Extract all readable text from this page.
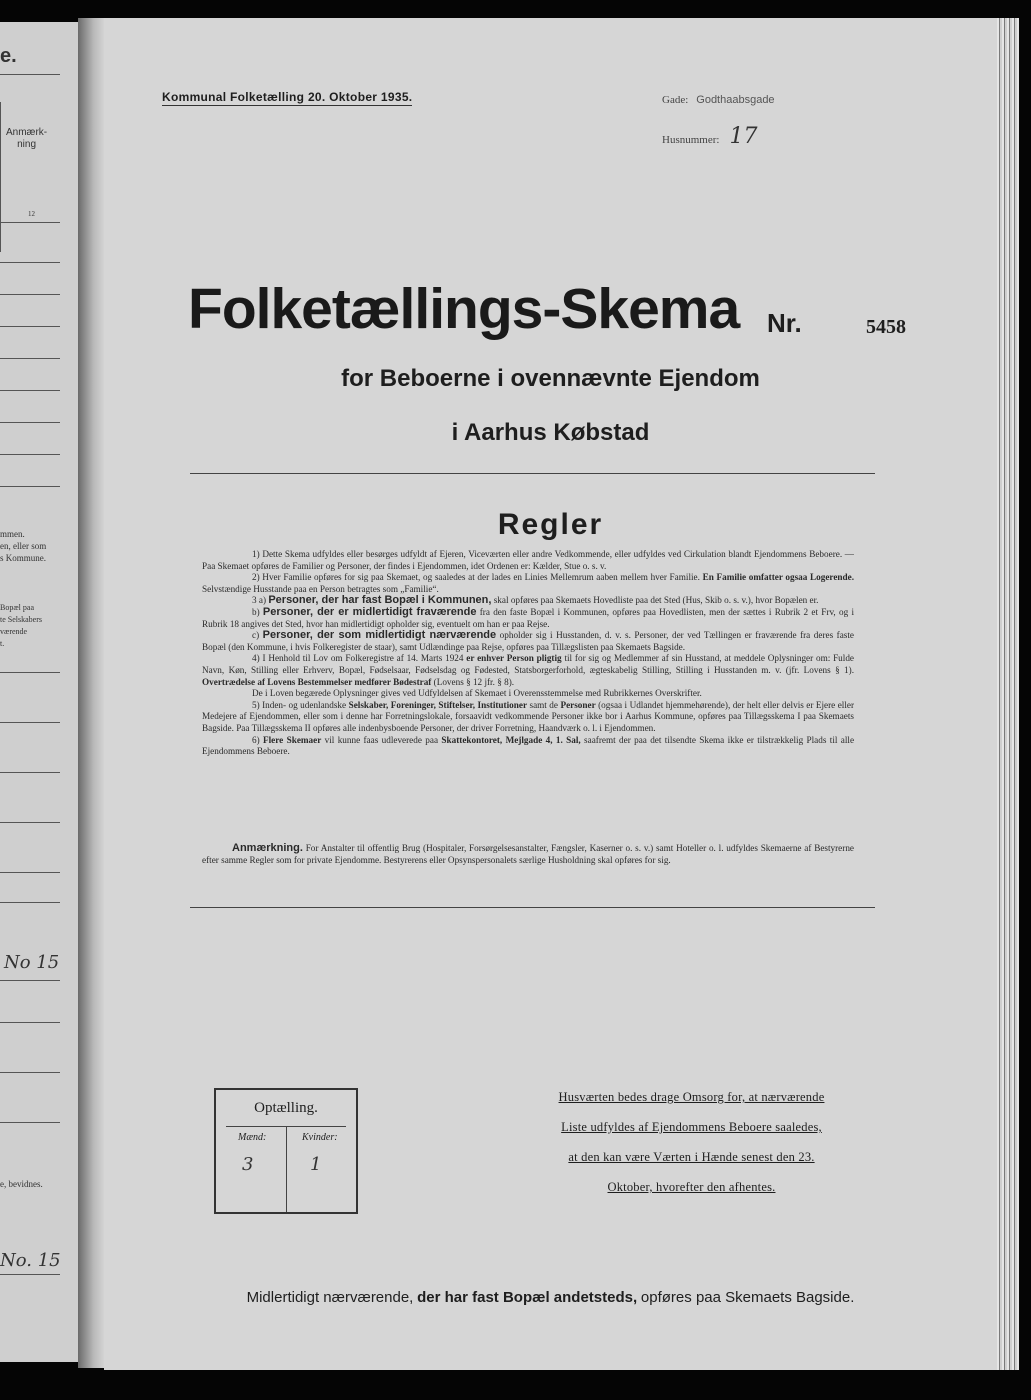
e.
Anmærk-
ning
12
mmen.
en, eller som
s Kommune.
Bopæl paa
te Selskabers
værende
t.
No 15
e, bevidnes.
No. 15
Kommunal Folketælling 20. Oktober 1935.	Gade: Godthaabsgade
Husnummer: 17
Folketællings-Skema Nr.	5458
for Beboerne i ovennævnte Ejendom
i Aarhus Købstad
Regler

1) Dette Skema udfyldes eller besørges udfyldt af Ejeren, Viceværten eller andre Vedkommende, eller udfyldes ved Cirkulation blandt Ejendommens Beboere. — Paa Skemaet opføres de Familier og Personer, der findes i Ejendommen, idet Ordenen er: Kælder, Stue o. s. v.

2) Hver Familie opføres for sig paa Skemaet, og saaledes at der lades en Linies Mellemrum aaben mellem hver Familie. En Familie omfatter ogsaa Logerende. Selvstændige Husstande paa en Person betragtes som „Familie“.

3 a) Personer, der har fast Bopæl i Kommunen, skal opføres paa Skemaets Hovedliste paa det Sted (Hus, Skib o. s. v.), hvor Bopælen er.

b) Personer, der er midlertidigt fraværende fra den faste Bopæl i Kommunen, opføres paa Hovedlisten, men der sættes i Rubrik 2 et Frv, og i Rubrik 18 angives det Sted, hvor han midlertidigt opholder sig, eventuelt om han er paa Rejse.

c) Personer, der som midlertidigt nærværende opholder sig i Husstanden, d. v. s. Personer, der ved Tællingen er fraværende fra deres faste Bopæl (den Kommune, i hvis Folkeregister de staar), samt Udlændinge paa Rejse, opføres paa Tillægslisten paa Skemaets Bagside.

4) I Henhold til Lov om Folkeregistre af 14. Marts 1924 er enhver Person pligtig til for sig og Medlemmer af sin Husstand, at meddele Oplysninger om: Fulde Navn, Køn, Stilling eller Erhverv, Bopæl, Fødselsaar, Fødselsdag og Fødested, Statsborgerforhold, ægteskabelig Stilling, Stilling i Husstanden m. v. (jfr. Lovens § 1). Overtrædelse af Lovens Bestemmelser medfører Bødestraf (Lovens § 12 jfr. § 8).

De i Loven begærede Oplysninger gives ved Udfyldelsen af Skemaet i Overensstemmelse med Rubrikkernes Overskrifter.

5) Inden- og udenlandske Selskaber, Foreninger, Stiftelser, Institutioner samt de Personer (ogsaa i Udlandet hjemmehørende), der helt eller delvis er Ejere eller Medejere af Ejendommen, eller som i denne har Forretningslokale, forsaavidt vedkommende Personer ikke bor i Aarhus Kommune, opføres paa Tillægsskema I paa Skemaets Bagside. Paa Tillægsskema II opføres alle indenbysboende Personer, der driver Forretning, Haandværk o. l. i Ejendommen.

6) Flere Skemaer vil kunne faas udleverede paa Skattekontoret, Mejlgade 4, 1. Sal, saafremt der paa det tilsendte Skema ikke er tilstrækkelig Plads til alle Ejendommens Beboere.

Anmærkning. For Anstalter til offentlig Brug (Hospitaler, Forsørgelsesanstalter, Fængsler, Kaserner o. s. v.) samt Hoteller o. l. udfyldes Skemaerne af Bestyrerne efter samme Regler som for private Ejendomme. Bestyrerens eller Opsynspersonalets særlige Husholdning skal opføres for sig.

Optælling.
Mænd:	Kvinder:
3	1
Husværten bedes drage Omsorg for, at nærværende
Liste udfyldes af Ejendommens Beboere saaledes,
at den kan være Værten i Hænde senest den 23.
Oktober, hvorefter den afhentes.
Midlertidigt nærværende, der har fast Bopæl andetsteds, opføres paa Skemaets Bagside.
